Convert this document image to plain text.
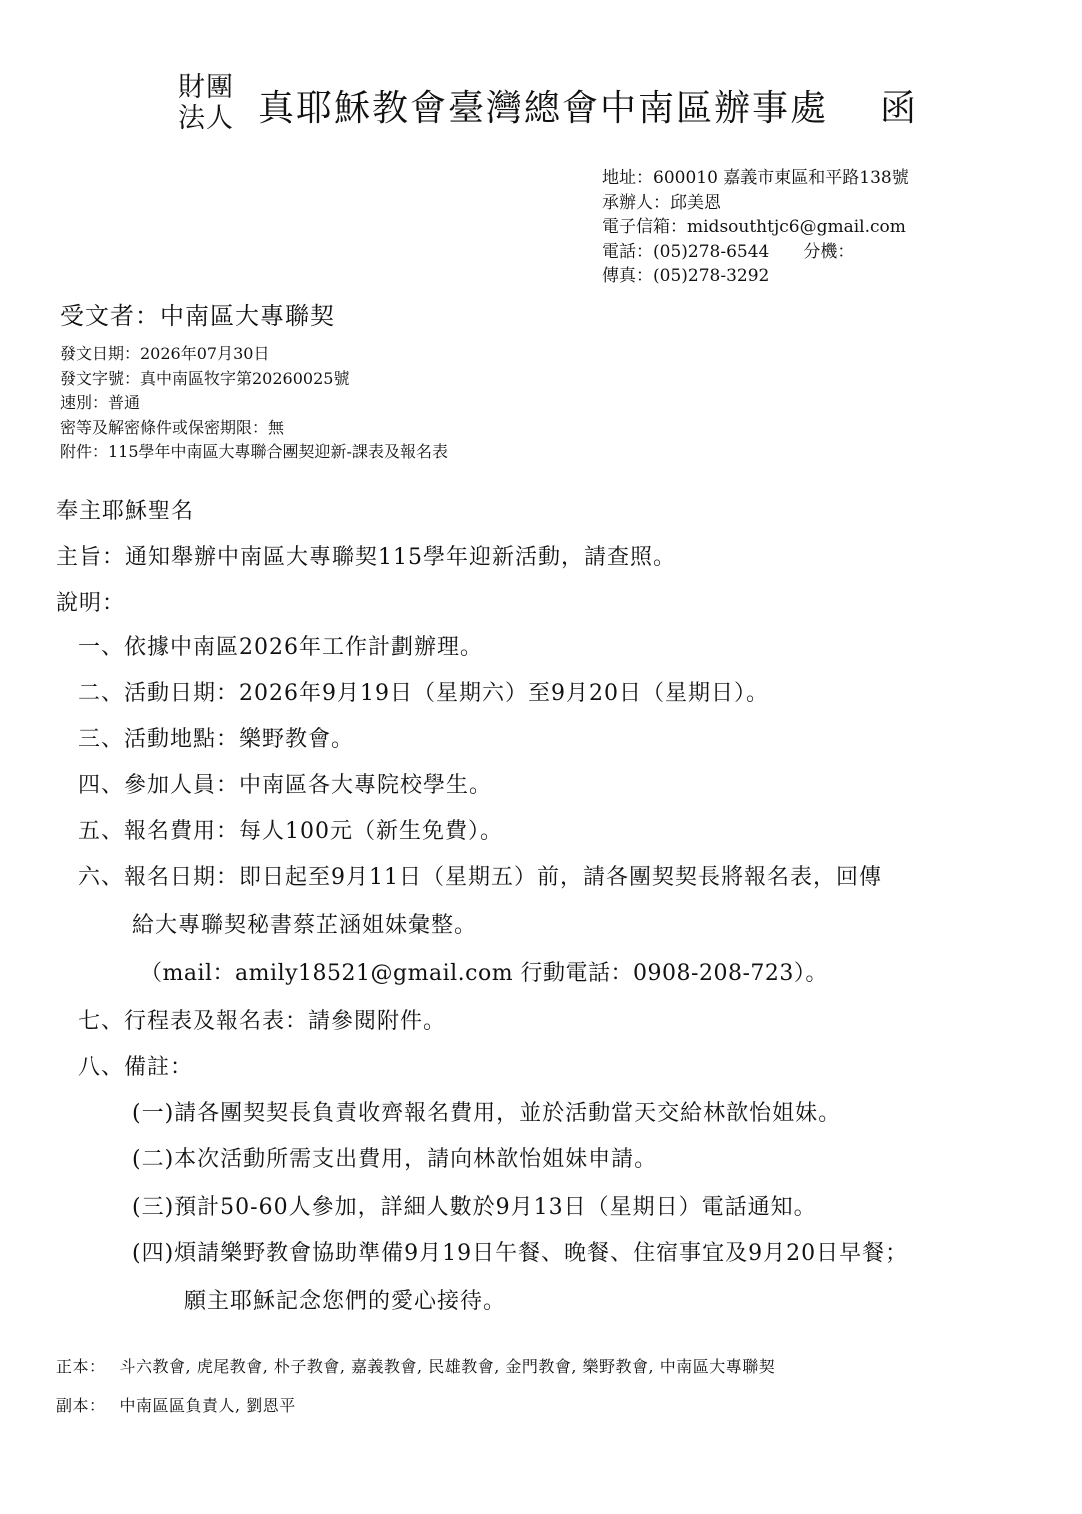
財團
法人 真耶穌教會臺灣總會中南區辦事處 函
地址：600010 嘉義市東區和平路138號
承辦人：邱美恩
電子信箱：midsouthtjc6@gmail.com
電話：(05)278-6544 分機：
傳真：(05)278-3292
受文者：中南區大專聯契
發文日期：2026年07月30日
發文字號：真中南區牧字第20260025號
速別：普通
密等及解密條件或保密期限：無
附件：115學年中南區大專聯合團契迎新-課表及報名表
奉主耶穌聖名
主旨：通知舉辦中南區大專聯契115學年迎新活動，請查照。
說明：
一、依據中南區2026年工作計劃辦理。
二、活動日期：2026年9月19日（星期六）至9月20日（星期日）。
三、活動地點：樂野教會。
四、參加人員：中南區各大專院校學生。
五、報名費用：每人100元（新生免費）。
六、報名日期：即日起至9月11日（星期五）前，請各團契契長將報名表，回傳
給大專聯契秘書蔡芷涵姐妹彙整。
（mail：amily18521@gmail.com 行動電話：0908-208-723）。
七、行程表及報名表：請參閱附件。
八、備註：
(一)請各團契契長負責收齊報名費用，並於活動當天交給林歆怡姐妹。
(二)本次活動所需支出費用，請向林歆怡姐妹申請。
(三)預計50-60人參加，詳細人數於9月13日（星期日）電話通知。
(四)煩請樂野教會協助準備9月19日午餐、晚餐、住宿事宜及9月20日早餐；
願主耶穌記念您們的愛心接待。
正本： 斗六教會, 虎尾教會, 朴子教會, 嘉義教會, 民雄教會, 金門教會, 樂野教會, 中南區大專聯契
副本： 中南區區負責人, 劉恩平
